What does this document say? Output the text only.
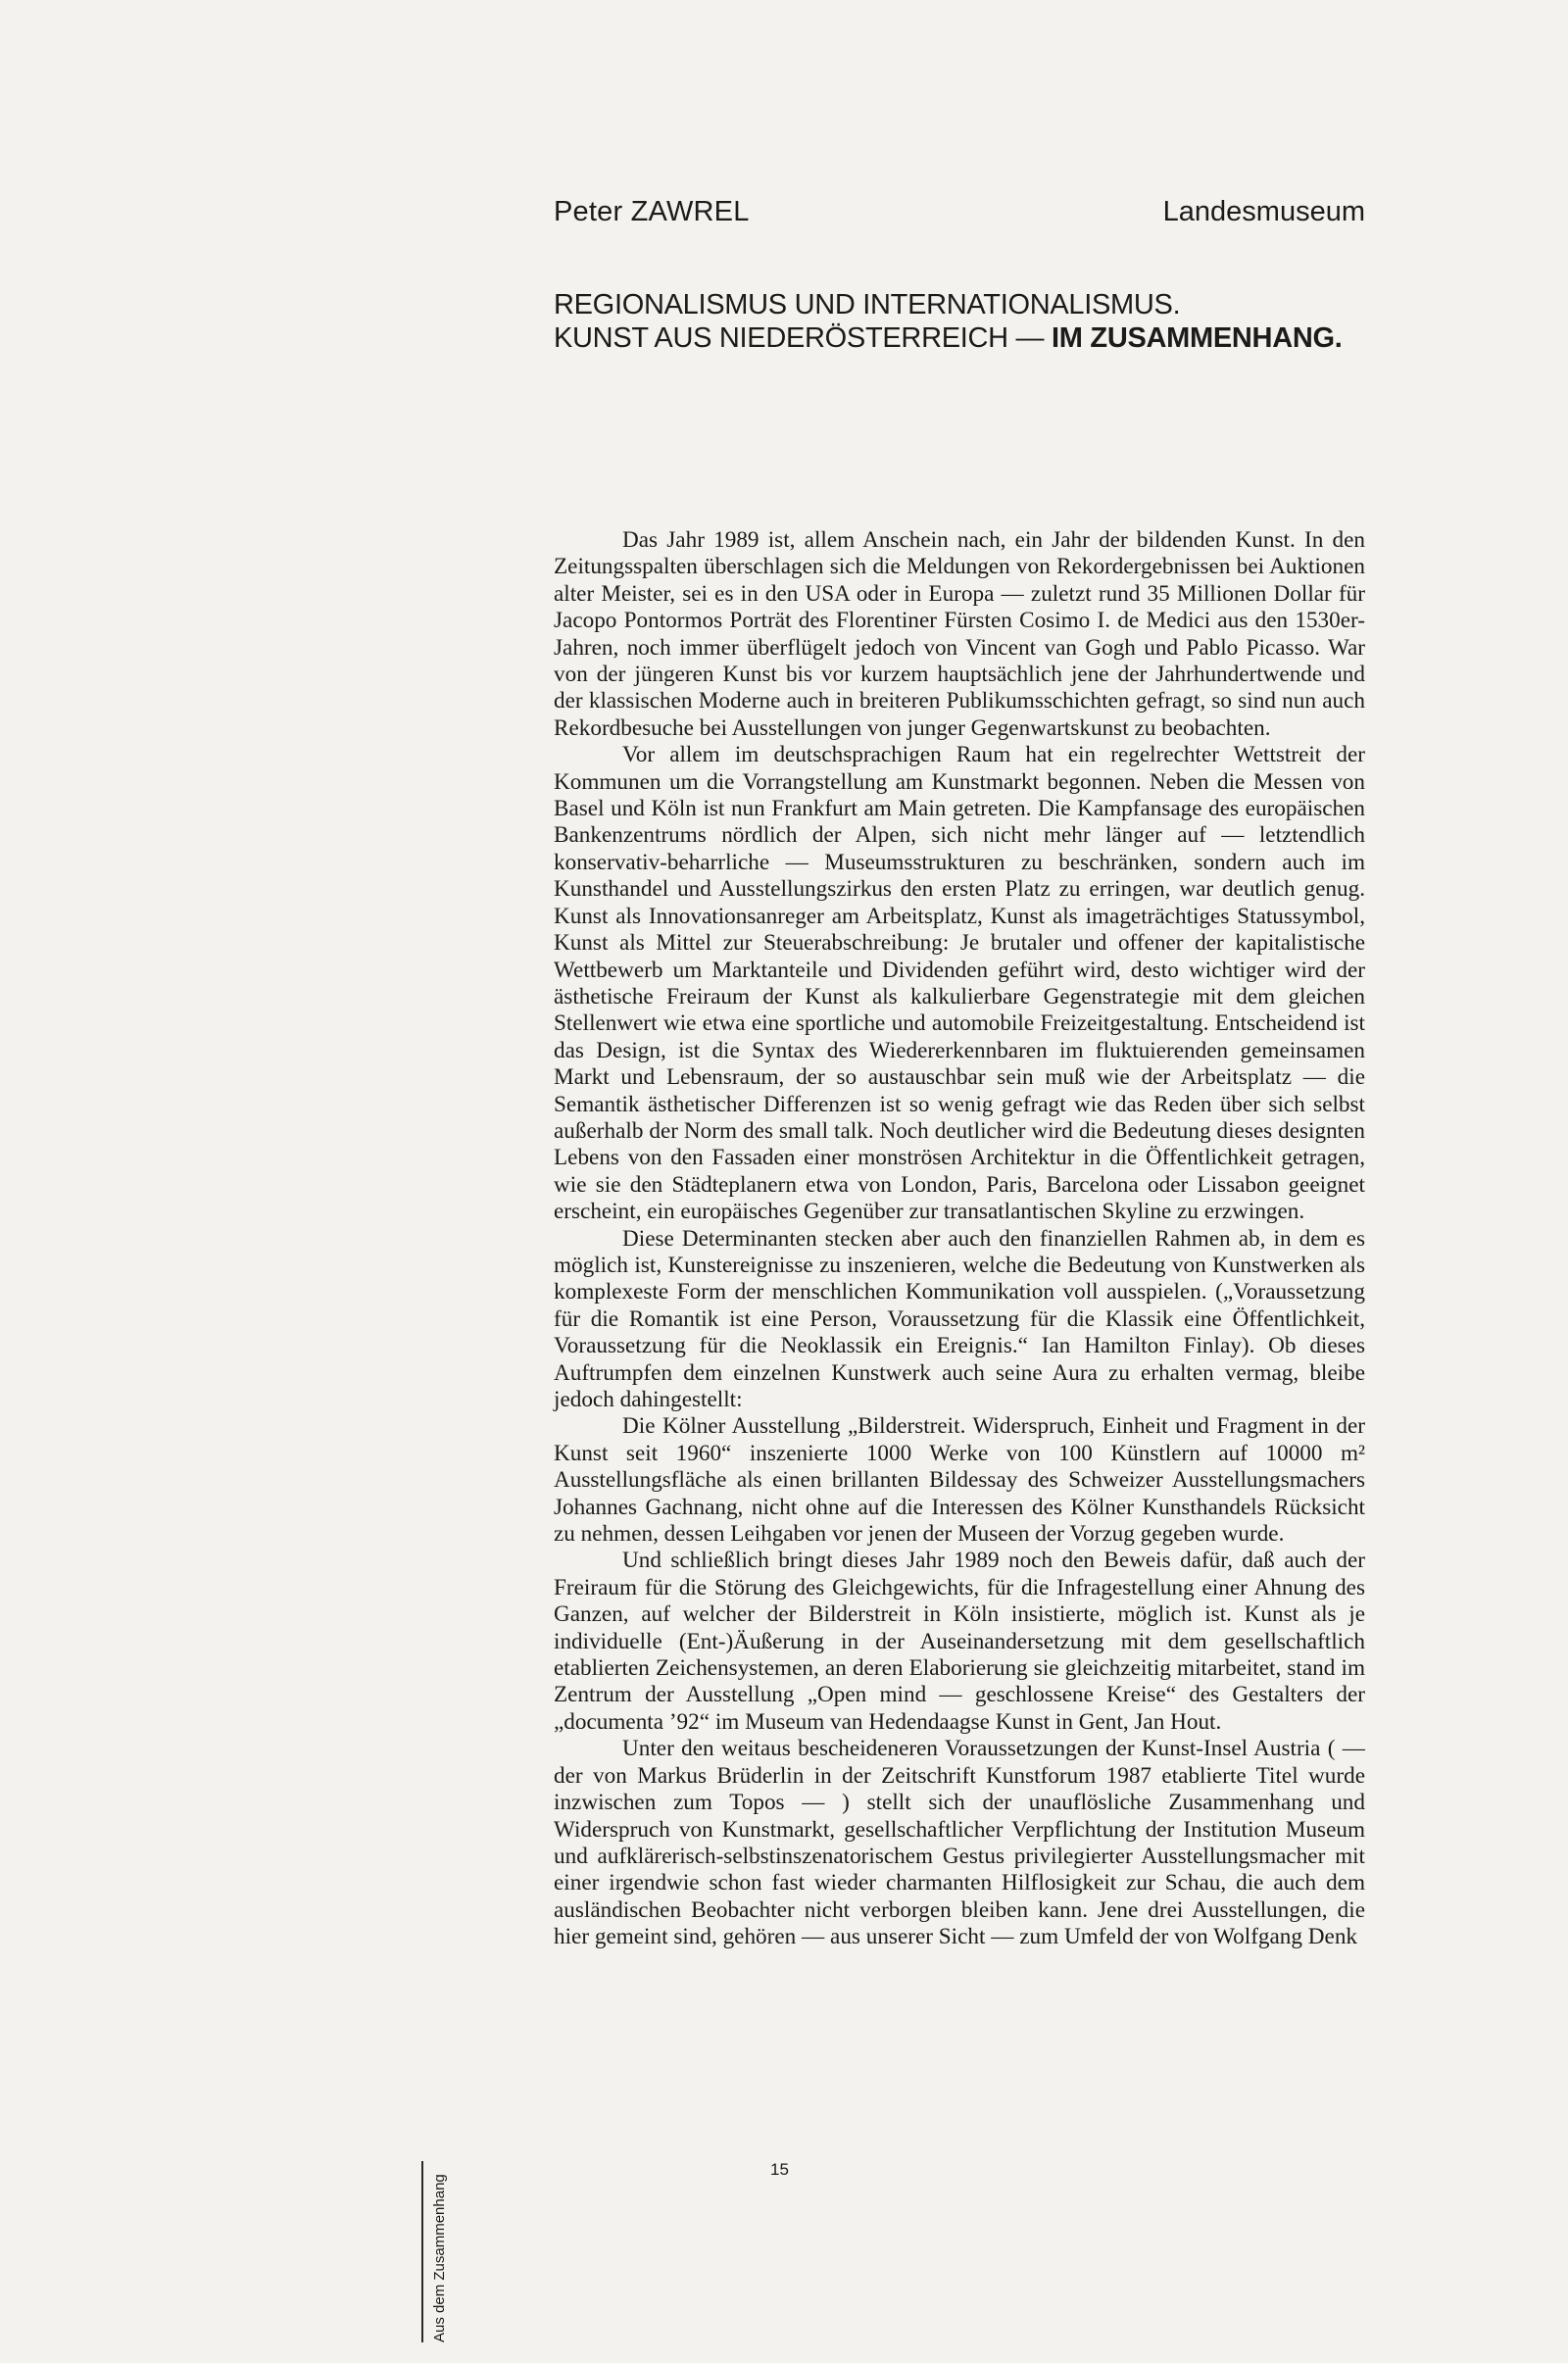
Peter ZAWREL	Landesmuseum
REGIONALISMUS UND INTERNATIONALISMUS.
KUNST AUS NIEDERÖSTERREICH — IM ZUSAMMENHANG.

Das Jahr 1989 ist, allem Anschein nach, ein Jahr der bildenden Kunst. In den Zeitungsspalten überschlagen sich die Meldungen von Rekordergebnissen bei Auktionen alter Meister, sei es in den USA oder in Europa — zuletzt rund 35 Millionen Dollar für Jacopo Pontormos Porträt des Florentiner Fürsten Cosimo I. de Medici aus den 1530er-Jahren, noch immer überflügelt jedoch von Vincent van Gogh und Pablo Picasso. War von der jüngeren Kunst bis vor kurzem hauptsächlich jene der Jahrhundertwende und der klassischen Moderne auch in breiteren Publikumsschichten gefragt, so sind nun auch Rekordbesuche bei Ausstellungen von junger Gegenwartskunst zu beobachten.

Vor allem im deutschsprachigen Raum hat ein regelrechter Wettstreit der Kommunen um die Vorrangstellung am Kunstmarkt begonnen. Neben die Messen von Basel und Köln ist nun Frankfurt am Main getreten. Die Kampfansage des europäischen Bankenzentrums nördlich der Alpen, sich nicht mehr länger auf — letztendlich konservativ-beharrliche — Museumsstrukturen zu beschränken, sondern auch im Kunsthandel und Ausstellungszirkus den ersten Platz zu erringen, war deutlich genug. Kunst als Innovationsanreger am Arbeitsplatz, Kunst als imageträchtiges Statussymbol, Kunst als Mittel zur Steuerabschreibung: Je brutaler und offener der kapitalistische Wettbewerb um Marktanteile und Dividenden geführt wird, desto wichtiger wird der ästhetische Freiraum der Kunst als kalkulierbare Gegenstrategie mit dem gleichen Stellenwert wie etwa eine sportliche und automobile Freizeitgestaltung. Entscheidend ist das Design, ist die Syntax des Wiedererkennbaren im fluktuierenden gemeinsamen Markt und Lebensraum, der so austauschbar sein muß wie der Arbeitsplatz — die Semantik ästhetischer Differenzen ist so wenig gefragt wie das Reden über sich selbst außerhalb der Norm des small talk. Noch deutlicher wird die Bedeutung dieses designten Lebens von den Fassaden einer monströsen Architektur in die Öffentlichkeit getragen, wie sie den Städteplanern etwa von London, Paris, Barcelona oder Lissabon geeignet erscheint, ein europäisches Gegenüber zur transatlantischen Skyline zu erzwingen.

Diese Determinanten stecken aber auch den finanziellen Rahmen ab, in dem es möglich ist, Kunstereignisse zu inszenieren, welche die Bedeutung von Kunstwerken als komplexeste Form der menschlichen Kommunikation voll ausspielen. („Voraussetzung für die Romantik ist eine Person, Voraussetzung für die Klassik eine Öffentlichkeit, Voraussetzung für die Neoklassik ein Ereignis.“ Ian Hamilton Finlay). Ob dieses Auftrumpfen dem einzelnen Kunstwerk auch seine Aura zu erhalten vermag, bleibe jedoch dahingestellt:

Die Kölner Ausstellung „Bilderstreit. Widerspruch, Einheit und Fragment in der Kunst seit 1960“ inszenierte 1000 Werke von 100 Künstlern auf 10000 m² Ausstellungsfläche als einen brillanten Bildessay des Schweizer Ausstellungsmachers Johannes Gachnang, nicht ohne auf die Interessen des Kölner Kunsthandels Rücksicht zu nehmen, dessen Leihgaben vor jenen der Museen der Vorzug gegeben wurde.

Und schließlich bringt dieses Jahr 1989 noch den Beweis dafür, daß auch der Freiraum für die Störung des Gleichgewichts, für die Infragestellung einer Ahnung des Ganzen, auf welcher der Bilderstreit in Köln insistierte, möglich ist. Kunst als je individuelle (Ent-)Äußerung in der Auseinandersetzung mit dem gesellschaftlich etablierten Zeichensystemen, an deren Elaborierung sie gleichzeitig mitarbeitet, stand im Zentrum der Ausstellung „Open mind — geschlossene Kreise“ des Gestalters der „documenta ’92“ im Museum van Hedendaagse Kunst in Gent, Jan Hout.

Unter den weitaus bescheideneren Voraussetzungen der Kunst-Insel Austria ( — der von Markus Brüderlin in der Zeitschrift Kunstforum 1987 etablierte Titel wurde inzwischen zum Topos — ) stellt sich der unauflösliche Zusammenhang und Widerspruch von Kunstmarkt, gesellschaftlicher Verpflichtung der Institution Museum und aufklärerisch-selbstinszenatorischem Gestus privilegierter Ausstellungsmacher mit einer irgendwie schon fast wieder charmanten Hilflosigkeit zur Schau, die auch dem ausländischen Beobachter nicht verborgen bleiben kann. Jene drei Ausstellungen, die hier gemeint sind, gehören — aus unserer Sicht — zum Umfeld der von Wolfgang Denk

15
Aus dem Zusammenhang
